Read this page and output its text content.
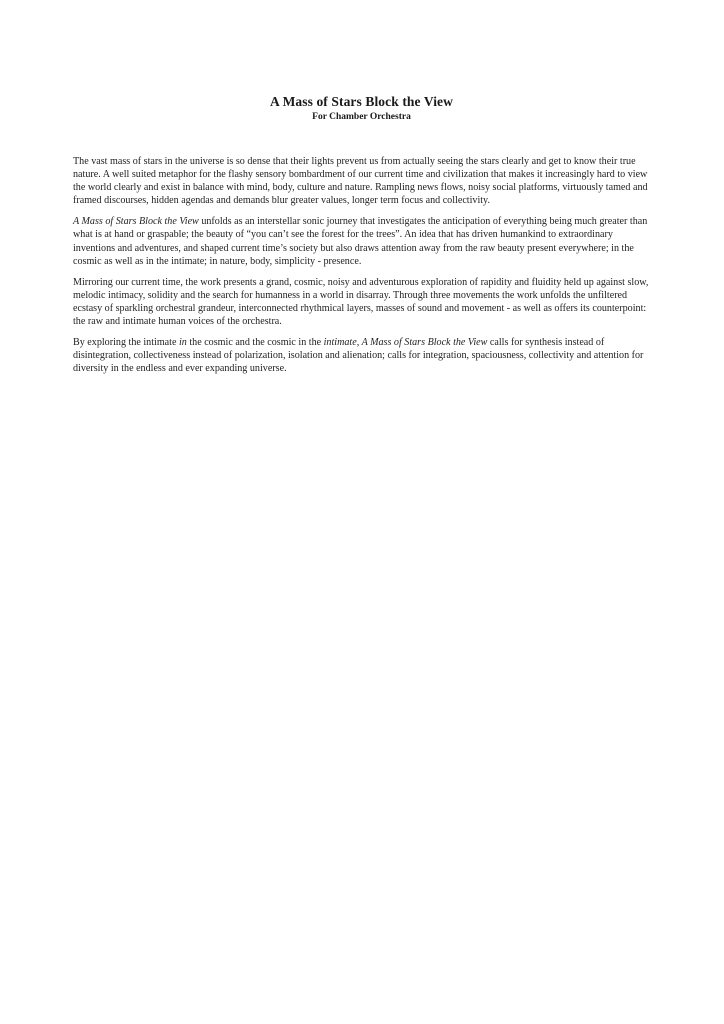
A Mass of Stars Block the View

For Chamber Orchestra

The vast mass of stars in the universe is so dense that their lights prevent us from actually seeing the stars clearly and get to know their true nature. A well suited metaphor for the flashy sensory bombardment of our current time and civilization that makes it increasingly hard to view the world clearly and exist in balance with mind, body, culture and nature. Rampling news flows, noisy social platforms, virtuously tamed and framed discourses, hidden agendas and demands blur greater values, longer term focus and collectivity.

A Mass of Stars Block the View unfolds as an interstellar sonic journey that investigates the anticipation of everything being much greater than what is at hand or graspable; the beauty of “you can’t see the forest for the trees”. An idea that has driven humankind to extraordinary inventions and adventures, and shaped current time’s society but also draws attention away from the raw beauty present everywhere; in the cosmic as well as in the intimate; in nature, body, simplicity - presence.

Mirroring our current time, the work presents a grand, cosmic, noisy and adventurous exploration of rapidity and fluidity held up against slow, melodic intimacy, solidity and the search for humanness in a world in disarray. Through three movements the work unfolds the unfiltered ecstasy of sparkling orchestral grandeur, interconnected rhythmical layers, masses of sound and movement - as well as offers its counterpoint: the raw and intimate human voices of the orchestra.

By exploring the intimate in the cosmic and the cosmic in the intimate, A Mass of Stars Block the View calls for synthesis instead of disintegration, collectiveness instead of polarization, isolation and alienation; calls for integration, spaciousness, collectivity and attention for diversity in the endless and ever expanding universe.
